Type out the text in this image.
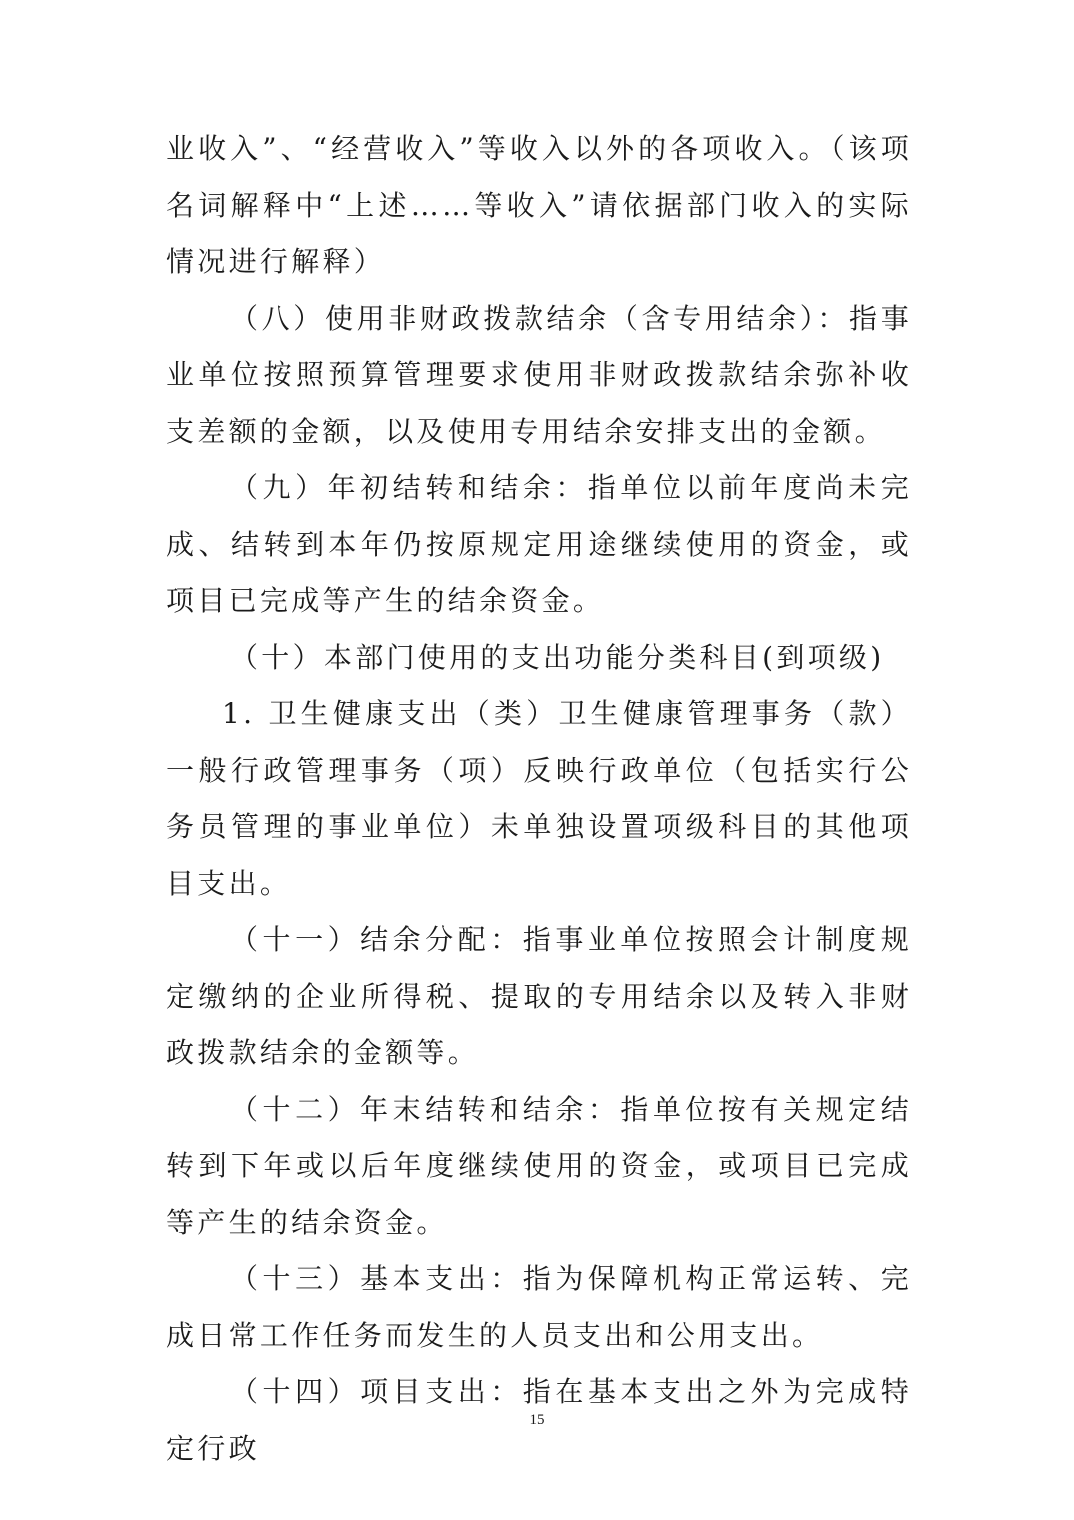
业收入”、“经营收入”等收入以外的各项收入。（该项名词解释中“上述……等收入”请依据部门收入的实际情况进行解释）

（八）使用非财政拨款结余（含专用结余）：指事业单位按照预算管理要求使用非财政拨款结余弥补收支差额的金额，以及使用专用结余安排支出的金额。

（九）年初结转和结余：指单位以前年度尚未完成、结转到本年仍按原规定用途继续使用的资金，或项目已完成等产生的结余资金。

（十）本部门使用的支出功能分类科目(到项级)

1. 卫生健康支出（类）卫生健康管理事务（款）一般行政管理事务（项）反映行政单位（包括实行公务员管理的事业单位）未单独设置项级科目的其他项目支出。

（十一）结余分配：指事业单位按照会计制度规定缴纳的企业所得税、提取的专用结余以及转入非财政拨款结余的金额等。

（十二）年末结转和结余：指单位按有关规定结转到下年或以后年度继续使用的资金，或项目已完成等产生的结余资金。

（十三）基本支出：指为保障机构正常运转、完成日常工作任务而发生的人员支出和公用支出。

（十四）项目支出：指在基本支出之外为完成特定行政

15
